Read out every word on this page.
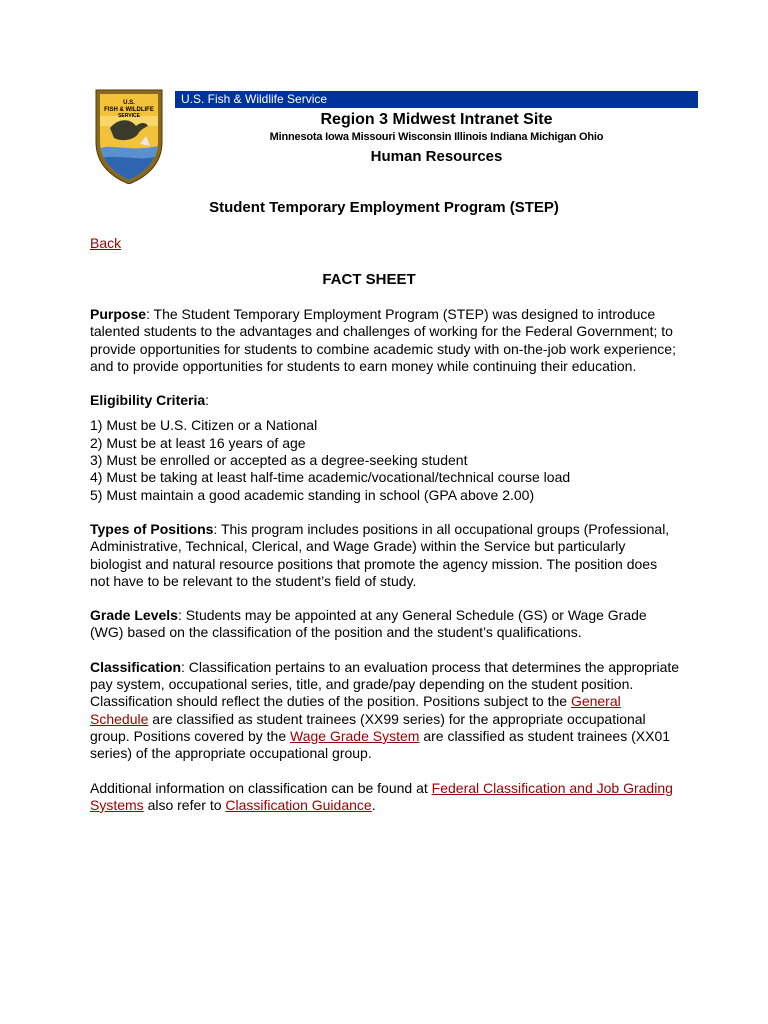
U.S.
FISH & WILDLIFE
SERVICE
U.S. Fish & Wildlife Service
Region 3 Midwest Intranet Site
Minnesota Iowa Missouri Wisconsin Illinois Indiana Michigan Ohio
Human Resources
Student Temporary Employment Program (STEP)
Back
FACT SHEET

Purpose: The Student Temporary Employment Program (STEP) was designed to introduce talented students to the advantages and challenges of working for the Federal Government; to provide opportunities for students to combine academic study with on-the-job work experience; and to provide opportunities for students to earn money while continuing their education.

Eligibility Criteria:

1) Must be U.S. Citizen or a National
2) Must be at least 16 years of age
3) Must be enrolled or accepted as a degree-seeking student
4) Must be taking at least half-time academic/vocational/technical course load
5) Must maintain a good academic standing in school (GPA above 2.00)

Types of Positions: This program includes positions in all occupational groups (Professional, Administrative, Technical, Clerical, and Wage Grade) within the Service but particularly biologist and natural resource positions that promote the agency mission. The position does not have to be relevant to the student’s field of study.

Grade Levels: Students may be appointed at any General Schedule (GS) or Wage Grade (WG) based on the classification of the position and the student’s qualifications.

Classification: Classification pertains to an evaluation process that determines the appropriate pay system, occupational series, title, and grade/pay depending on the student position. Classification should reflect the duties of the position. Positions subject to the General Schedule are classified as student trainees (XX99 series) for the appropriate occupational group. Positions covered by the Wage Grade System are classified as student trainees (XX01 series) of the appropriate occupational group.

Additional information on classification can be found at Federal Classification and Job Grading Systems also refer to Classification Guidance.
